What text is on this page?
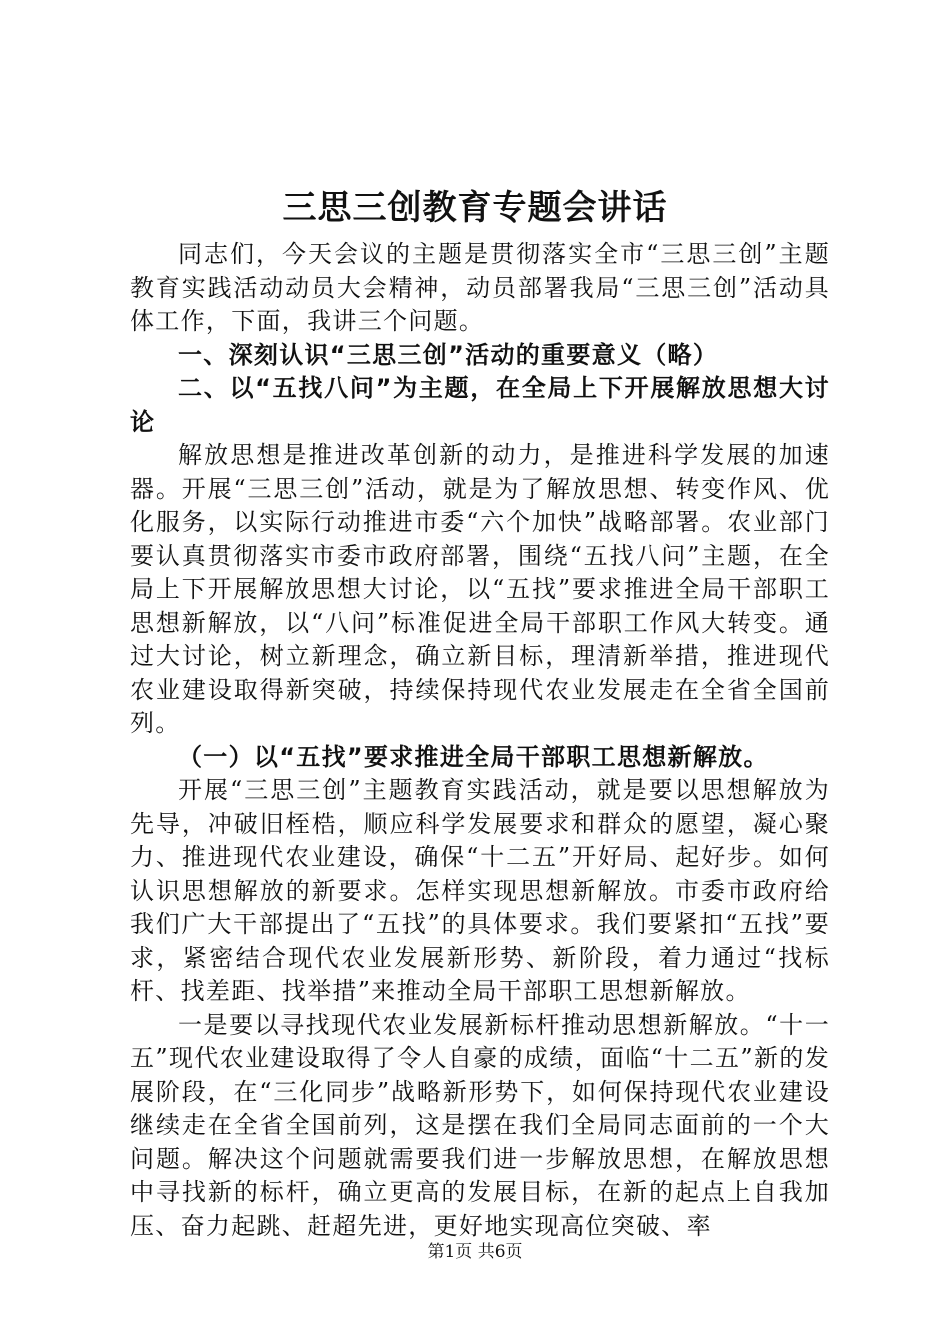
三思三创教育专题会讲话

同志们，今天会议的主题是贯彻落实全市“三思三创”主题教育实践活动动员大会精神，动员部署我局“三思三创”活动具体工作，下面，我讲三个问题。

一、深刻认识“三思三创”活动的重要意义（略）

二、以“五找八问”为主题，在全局上下开展解放思想大讨论

解放思想是推进改革创新的动力，是推进科学发展的加速器。开展“三思三创”活动，就是为了解放思想、转变作风、优化服务，以实际行动推进市委“六个加快”战略部署。农业部门要认真贯彻落实市委市政府部署，围绕“五找八问”主题，在全局上下开展解放思想大讨论，以“五找”要求推进全局干部职工思想新解放，以“八问”标准促进全局干部职工作风大转变。通过大讨论，树立新理念，确立新目标，理清新举措，推进现代农业建设取得新突破，持续保持现代农业发展走在全省全国前列。

（一）以“五找”要求推进全局干部职工思想新解放。

开展“三思三创”主题教育实践活动，就是要以思想解放为先导，冲破旧桎梏，顺应科学发展要求和群众的愿望，凝心聚力、推进现代农业建设，确保“十二五”开好局、起好步。如何认识思想解放的新要求。怎样实现思想新解放。市委市政府给我们广大干部提出了“五找”的具体要求。我们要紧扣“五找”要求，紧密结合现代农业发展新形势、新阶段，着力通过“找标杆、找差距、找举措”来推动全局干部职工思想新解放。

一是要以寻找现代农业发展新标杆推动思想新解放。“十一五”现代农业建设取得了令人自豪的成绩，面临“十二五”新的发展阶段，在“三化同步”战略新形势下，如何保持现代农业建设继续走在全省全国前列，这是摆在我们全局同志面前的一个大问题。解决这个问题就需要我们进一步解放思想，在解放思想中寻找新的标杆，确立更高的发展目标，在新的起点上自我加压、奋力起跳、赶超先进，更好地实现高位突破、率

第1页 共6页
